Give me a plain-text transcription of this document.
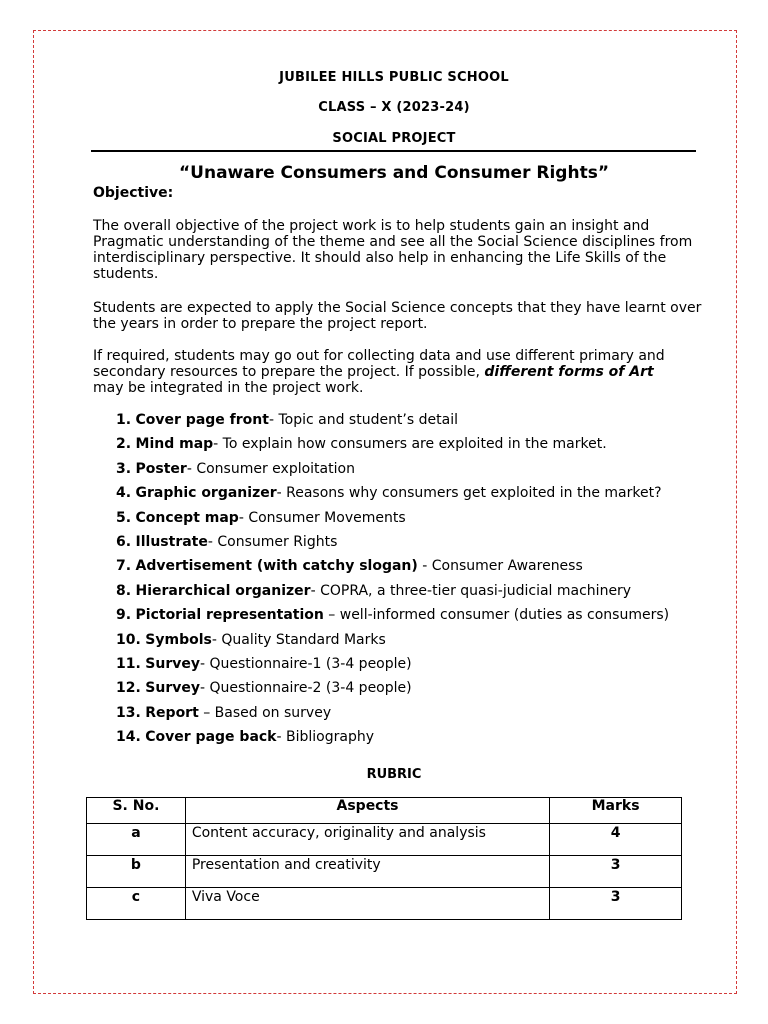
JUBILEE HILLS PUBLIC SCHOOL
CLASS – X (2023-24)
SOCIAL PROJECT
“Unaware Consumers and Consumer Rights”
Objective:
The overall objective of the project work is to help students gain an insight and Pragmatic understanding of the theme and see all the Social Science disciplines from interdisciplinary perspective. It should also help in enhancing the Life Skills of the students.
Students are expected to apply the Social Science concepts that they have learnt over the years in order to prepare the project report.
If required, students may go out for collecting data and use different primary and secondary resources to prepare the project. If possible, different forms of Art
may be integrated in the project work.
1. Cover page front- Topic and student’s detail
2. Mind map- To explain how consumers are exploited in the market.
3. Poster- Consumer exploitation
4. Graphic organizer- Reasons why consumers get exploited in the market?
5. Concept map- Consumer Movements
6. Illustrate- Consumer Rights
7. Advertisement (with catchy slogan) - Consumer Awareness
8. Hierarchical organizer- COPRA, a three-tier quasi-judicial machinery
9. Pictorial representation – well-informed consumer (duties as consumers)
10. Symbols- Quality Standard Marks
11. Survey- Questionnaire-1 (3-4 people)
12. Survey- Questionnaire-2 (3-4 people)
13. Report – Based on survey
14. Cover page back- Bibliography
RUBRIC
S. No.	Aspects	Marks
a	Content accuracy, originality and analysis	4
b	Presentation and creativity	3
c	Viva Voce	3
